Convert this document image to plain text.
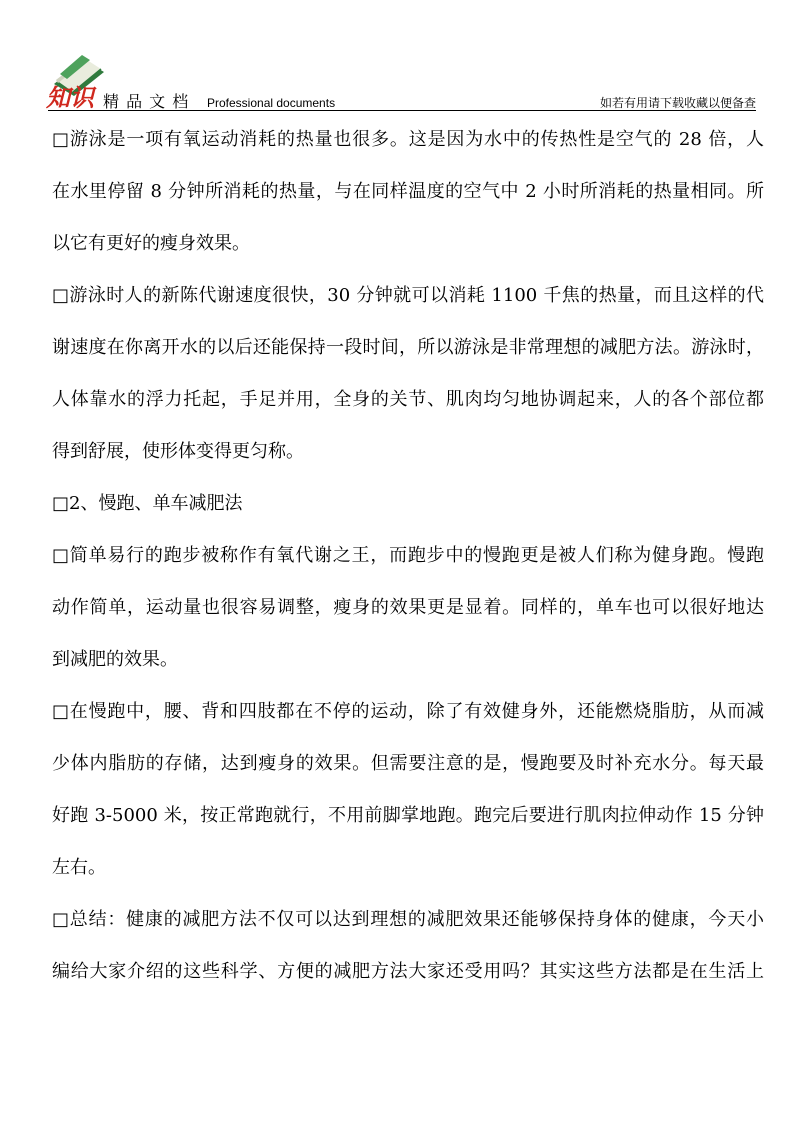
知识 精 品 文 档 Professional documents	如若有用请下载收藏以便备查
□游泳是一项有氧运动消耗的热量也很多。这是因为水中的传热性是空气的 28 倍，人
在水里停留 8 分钟所消耗的热量，与在同样温度的空气中 2 小时所消耗的热量相同。所
以它有更好的瘦身效果。
□游泳时人的新陈代谢速度很快，30 分钟就可以消耗 1100 千焦的热量，而且这样的代
谢速度在你离开水的以后还能保持一段时间，所以游泳是非常理想的减肥方法。游泳时，
人体靠水的浮力托起，手足并用，全身的关节、肌肉均匀地协调起来，人的各个部位都
得到舒展，使形体变得更匀称。
□2、慢跑、单车减肥法
□简单易行的跑步被称作有氧代谢之王，而跑步中的慢跑更是被人们称为健身跑。慢跑
动作简单，运动量也很容易调整，瘦身的效果更是显着。同样的，单车也可以很好地达
到减肥的效果。
□在慢跑中，腰、背和四肢都在不停的运动，除了有效健身外，还能燃烧脂肪，从而减
少体内脂肪的存储，达到瘦身的效果。但需要注意的是，慢跑要及时补充水分。每天最
好跑 3-5000 米，按正常跑就行，不用前脚掌地跑。跑完后要进行肌肉拉伸动作 15 分钟
左右。
□总结：健康的减肥方法不仅可以达到理想的减肥效果还能够保持身体的健康，今天小
编给大家介绍的这些科学、方便的减肥方法大家还受用吗？其实这些方法都是在生活上
